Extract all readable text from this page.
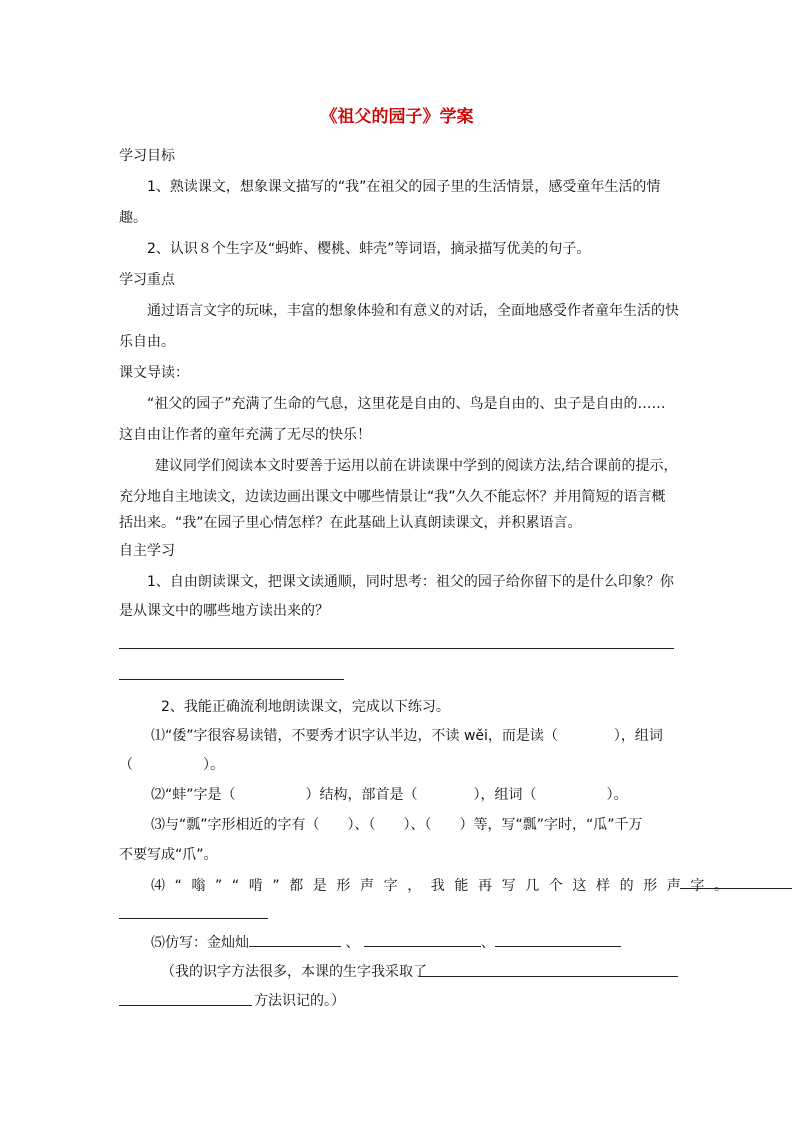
《祖父的园子》学案
学习目标
1、熟读课文，想象课文描写的“我”在祖父的园子里的生活情景，感受童年生活的情
趣。
2、认识８个生字及“蚂蚱、樱桃、蚌壳”等词语，摘录描写优美的句子。
学习重点
通过语言文字的玩味，丰富的想象体验和有意义的对话，全面地感受作者童年生活的快
乐自由。
课文导读：
“祖父的园子”充满了生命的气息，这里花是自由的、鸟是自由的、虫子是自由的……
这自由让作者的童年充满了无尽的快乐！
建议同学们阅读本文时要善于运用以前在讲读课中学到的阅读方法,结合课前的提示，
充分地自主地读文，边读边画出课文中哪些情景让“我”久久不能忘怀？并用简短的语言概
括出来。“我”在园子里心情怎样？在此基础上认真朗读课文，并积累语言。
自主学习
1、自由朗读课文，把课文读通顺，同时思考：祖父的园子给你留下的是什么印象？你
是从课文中的哪些地方读出来的？
2、我能正确流利地朗读课文，完成以下练习。
⑴“倭”字很容易读错，不要秀才识字认半边，不读 wěi，而是读（　　　　），组词
（　　　　　）。
⑵“蚌”字是（　　　　　）结构，部首是（　　　　），组词（　　　　　）。
⑶与“瓢”字形相近的字有（　　）、（　　）、（　　）等，写“瓢”字时，“瓜”千万
不要写成“爪”。
⑷“嗡”“啃”都是形声字，我能再写几个这样的形声字。
⑸仿写：金灿灿	、	、
（我的识字方法很多，本课的生字我采取了
方法识记的。）
